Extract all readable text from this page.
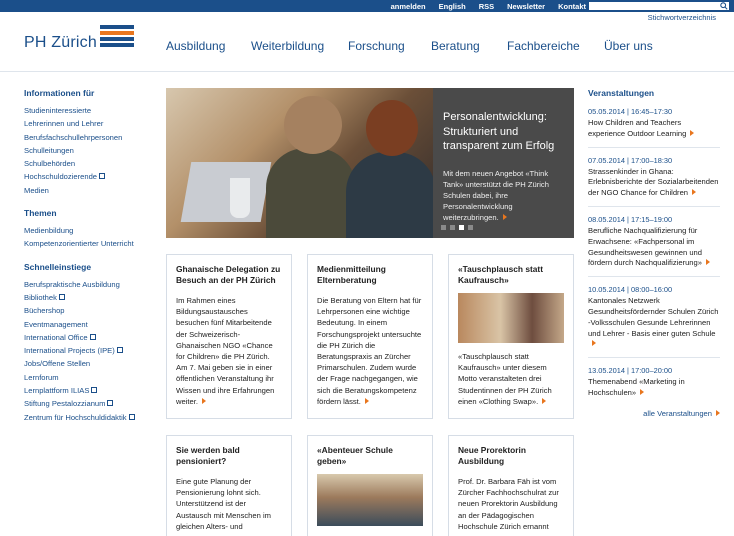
anmelden English RSS Newsletter Kontakt
Stichwortverzeichnis
PH Zürich	Ausbildung	Weiterbildung	Forschung	Beratung	Fachbereiche	Über uns
Informationen für
Studieninteressierte
Lehrerinnen und Lehrer
Berufsfachschullehrpersonen
Schulleitungen
Schulbehörden
Hochschuldozierende
Medien
Themen
Medienbildung
Kompetenzorientierter Unterricht
Schnelleinstiege
Berufspraktische Ausbildung
Bibliothek
Büchershop
Eventmanagement
International Office
International Projects (IPE)
Jobs/Offene Stellen
Lernforum
Lernplattform ILIAS
Stiftung Pestalozzianum
Zentrum für Hochschuldidaktik
Personalentwicklung: Strukturiert und transparent zum Erfolg
Mit dem neuen Angebot «Think Tank» unterstützt die PH Zürich Schulen dabei, ihre Personalentwicklung weiterzubringen.
Ghanaische Delegation zu Besuch an der PH Zürich
Im Rahmen eines Bildungsaustausches besuchen fünf Mitarbeitende der Schweizerisch-Ghanaischen NGO «Chance for Children» die PH Zürich. Am 7. Mai geben sie in einer öffentlichen Veranstaltung ihr Wissen und ihre Erfahrungen weiter.
Medienmitteilung Elternberatung
Die Beratung von Eltern hat für Lehrpersonen eine wichtige Bedeutung. In einem Forschungsprojekt untersuchte die PH Zürich die Beratungspraxis an Zürcher Primarschulen. Zudem wurde der Frage nachgegangen, wie sich die Beratungskompetenz fördern lässt.
«Tauschplausch statt Kaufrausch»
«Tauschplausch statt Kaufrausch» unter diesem Motto veranstalteten drei Studentinnen der PH Zürich einen «Clothing Swap».
Sie werden bald pensioniert?
Eine gute Planung der Pensionierung lohnt sich. Unterstützend ist der Austausch mit Menschen im gleichen Alters- und
«Abenteuer Schule geben»
Neue Prorektorin Ausbildung
Prof. Dr. Barbara Fäh ist vom Zürcher Fachhochschulrat zur neuen Prorektorin Ausbildung an der Pädagogischen Hochschule Zürich ernannt
Veranstaltungen
05.05.2014 | 16:45–17:30
How Children and Teachers experience Outdoor Learning
07.05.2014 | 17:00–18:30
Strassenkinder in Ghana: Erlebnisberichte der Sozialarbeitenden der NGO Chance for Children
08.05.2014 | 17:15–19:00
Berufliche Nachqualifizierung für Erwachsene: «Fachpersonal im Gesundheitswesen gewinnen und fördern durch Nachqualifizierung»
10.05.2014 | 08:00–16:00
Kantonales Netzwerk Gesundheitsfördernder Schulen Zürich -Volksschulen Gesunde Lehrerinnen und Lehrer - Basis einer guten Schule
13.05.2014 | 17:00–20:00
Themenabend «Marketing in Hochschulen»
alle Veranstaltungen
